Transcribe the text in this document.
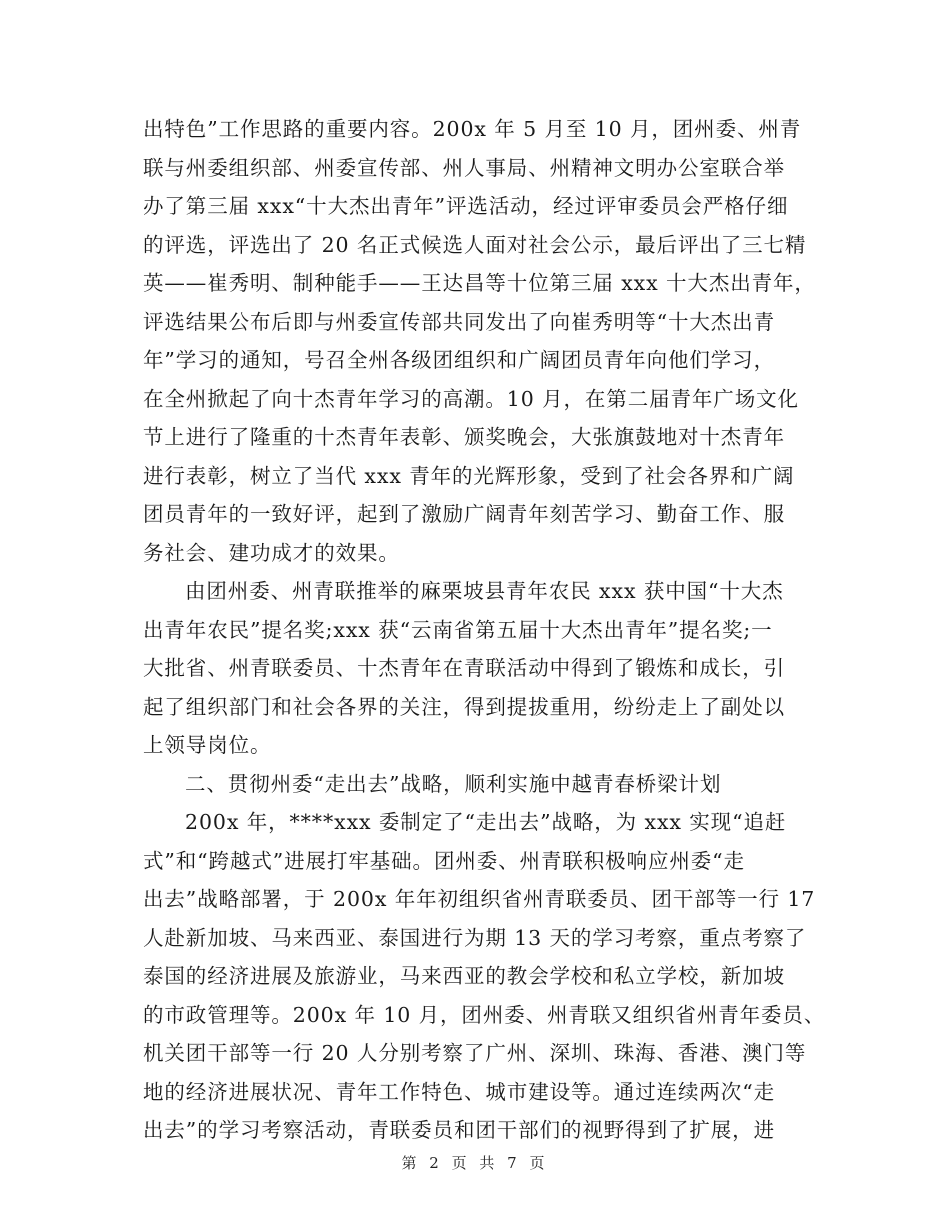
出特色”工作思路的重要内容。200x 年 5 月至 10 月，团州委、州青
联与州委组织部、州委宣传部、州人事局、州精神文明办公室联合举
办了第三届 xxx“十大杰出青年”评选活动，经过评审委员会严格仔细
的评选，评选出了 20 名正式候选人面对社会公示，最后评出了三七精
英——崔秀明、制种能手——王达昌等十位第三届 xxx 十大杰出青年，
评选结果公布后即与州委宣传部共同发出了向崔秀明等“十大杰出青
年”学习的通知，号召全州各级团组织和广阔团员青年向他们学习，
在全州掀起了向十杰青年学习的高潮。10 月，在第二届青年广场文化
节上进行了隆重的十杰青年表彰、颁奖晚会，大张旗鼓地对十杰青年
进行表彰，树立了当代 xxx 青年的光辉形象，受到了社会各界和广阔
团员青年的一致好评，起到了激励广阔青年刻苦学习、勤奋工作、服
务社会、建功成才的效果。
由团州委、州青联推举的麻栗坡县青年农民 xxx 获中国“十大杰
出青年农民”提名奖;xxx 获“云南省第五届十大杰出青年”提名奖;一
大批省、州青联委员、十杰青年在青联活动中得到了锻炼和成长，引
起了组织部门和社会各界的关注，得到提拔重用，纷纷走上了副处以
上领导岗位。
二、贯彻州委“走出去”战略，顺利实施中越青春桥梁计划
200x 年，****xxx 委制定了“走出去”战略，为 xxx 实现“追赶
式”和“跨越式”进展打牢基础。团州委、州青联积极响应州委“走
出去”战略部署，于 200x 年年初组织省州青联委员、团干部等一行 17
人赴新加坡、马来西亚、泰国进行为期 13 天的学习考察，重点考察了
泰国的经济进展及旅游业，马来西亚的教会学校和私立学校，新加坡
的市政管理等。200x 年 10 月，团州委、州青联又组织省州青年委员、
机关团干部等一行 20 人分别考察了广州、深圳、珠海、香港、澳门等
地的经济进展状况、青年工作特色、城市建设等。通过连续两次“走
出去”的学习考察活动，青联委员和团干部们的视野得到了扩展，进
第 2 页 共 7 页
